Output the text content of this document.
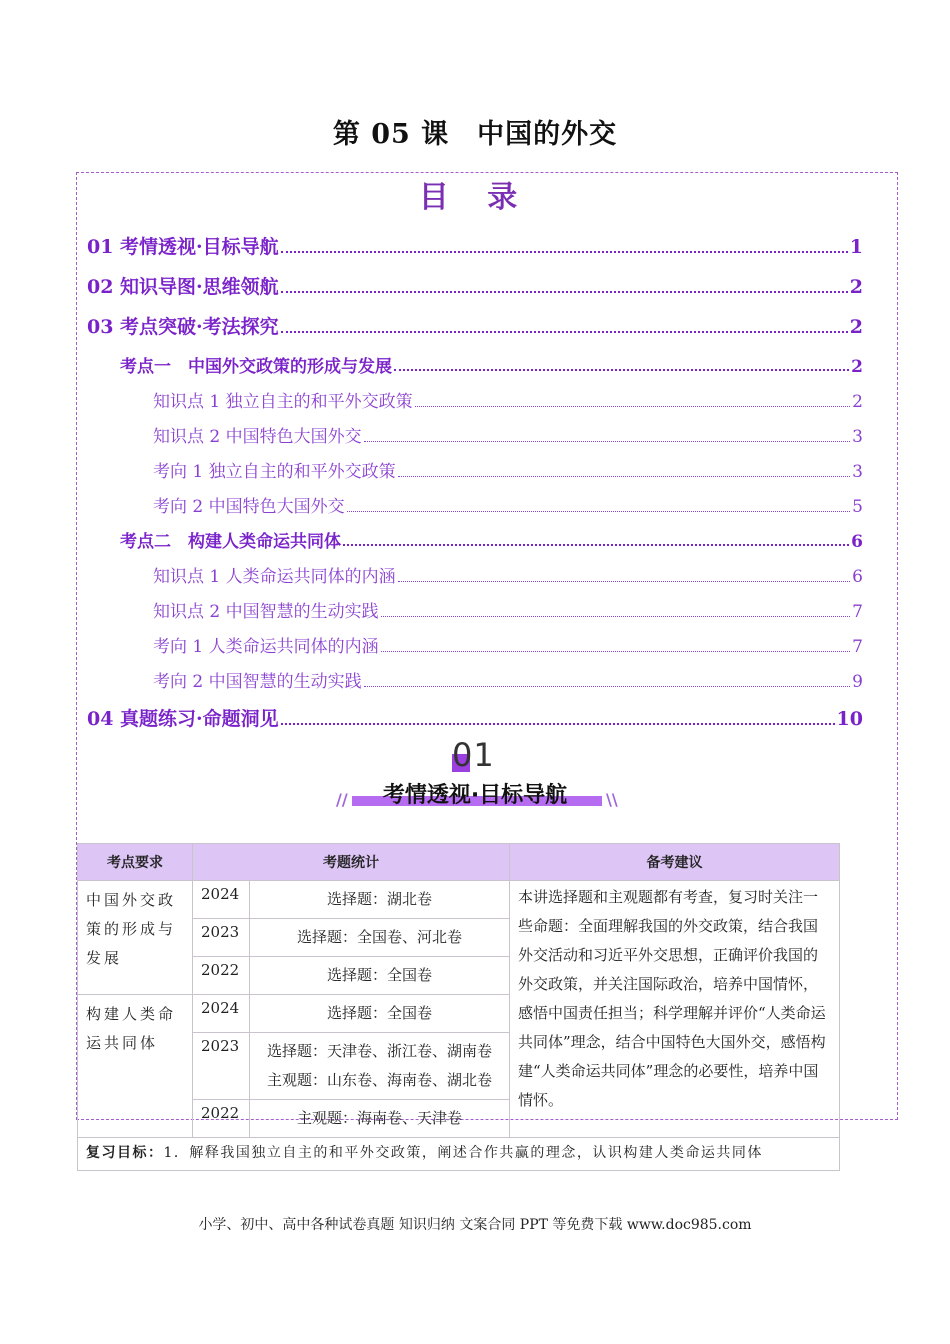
第 05 课　中国的外交
目 录
01 考情透视·目标导航	1
02 知识导图·思维领航	2
03 考点突破·考法探究	2
考点一　中国外交政策的形成与发展	2
知识点 1 独立自主的和平外交政策	2
知识点 2 中国特色大国外交	3
考向 1 独立自主的和平外交政策	3
考向 2 中国特色大国外交	5
考点二　构建人类命运共同体	6
知识点 1 人类命运共同体的内涵	6
知识点 2 中国智慧的生动实践	7
考向 1 人类命运共同体的内涵	7
考向 2 中国智慧的生动实践	9
04 真题练习·命题洞见	10
01
//	\\
考情透视·目标导航
考点要求	考题统计		备考建议
中国外交政策的形成与发展	2024	选择题：湖北卷	本讲选择题和主观题都有考查，复习时关注一些命题：全面理解我国的外交政策，结合我国外交活动和习近平外交思想，正确评价我国的外交政策，并关注国际政治，培养中国情怀，感悟中国责任担当；科学理解并评价“人类命运共同体”理念，结合中国特色大国外交，感悟构建“人类命运共同体”理念的必要性，培养中国情怀。
	2023	选择题：全国卷、河北卷	
	2022	选择题：全国卷	
构建人类命运共同体	2024	选择题：全国卷	
	2023	选择题：天津卷、浙江卷、湖南卷
主观题：山东卷、海南卷、湖北卷	

	2022	主观题：海南卷、天津卷	
复习目标：1．解释我国独立自主的和平外交政策，阐述合作共赢的理念，认识构建人类命运共同体			
小学、初中、高中各种试卷真题 知识归纳 文案合同 PPT 等免费下载 www.doc985.com
